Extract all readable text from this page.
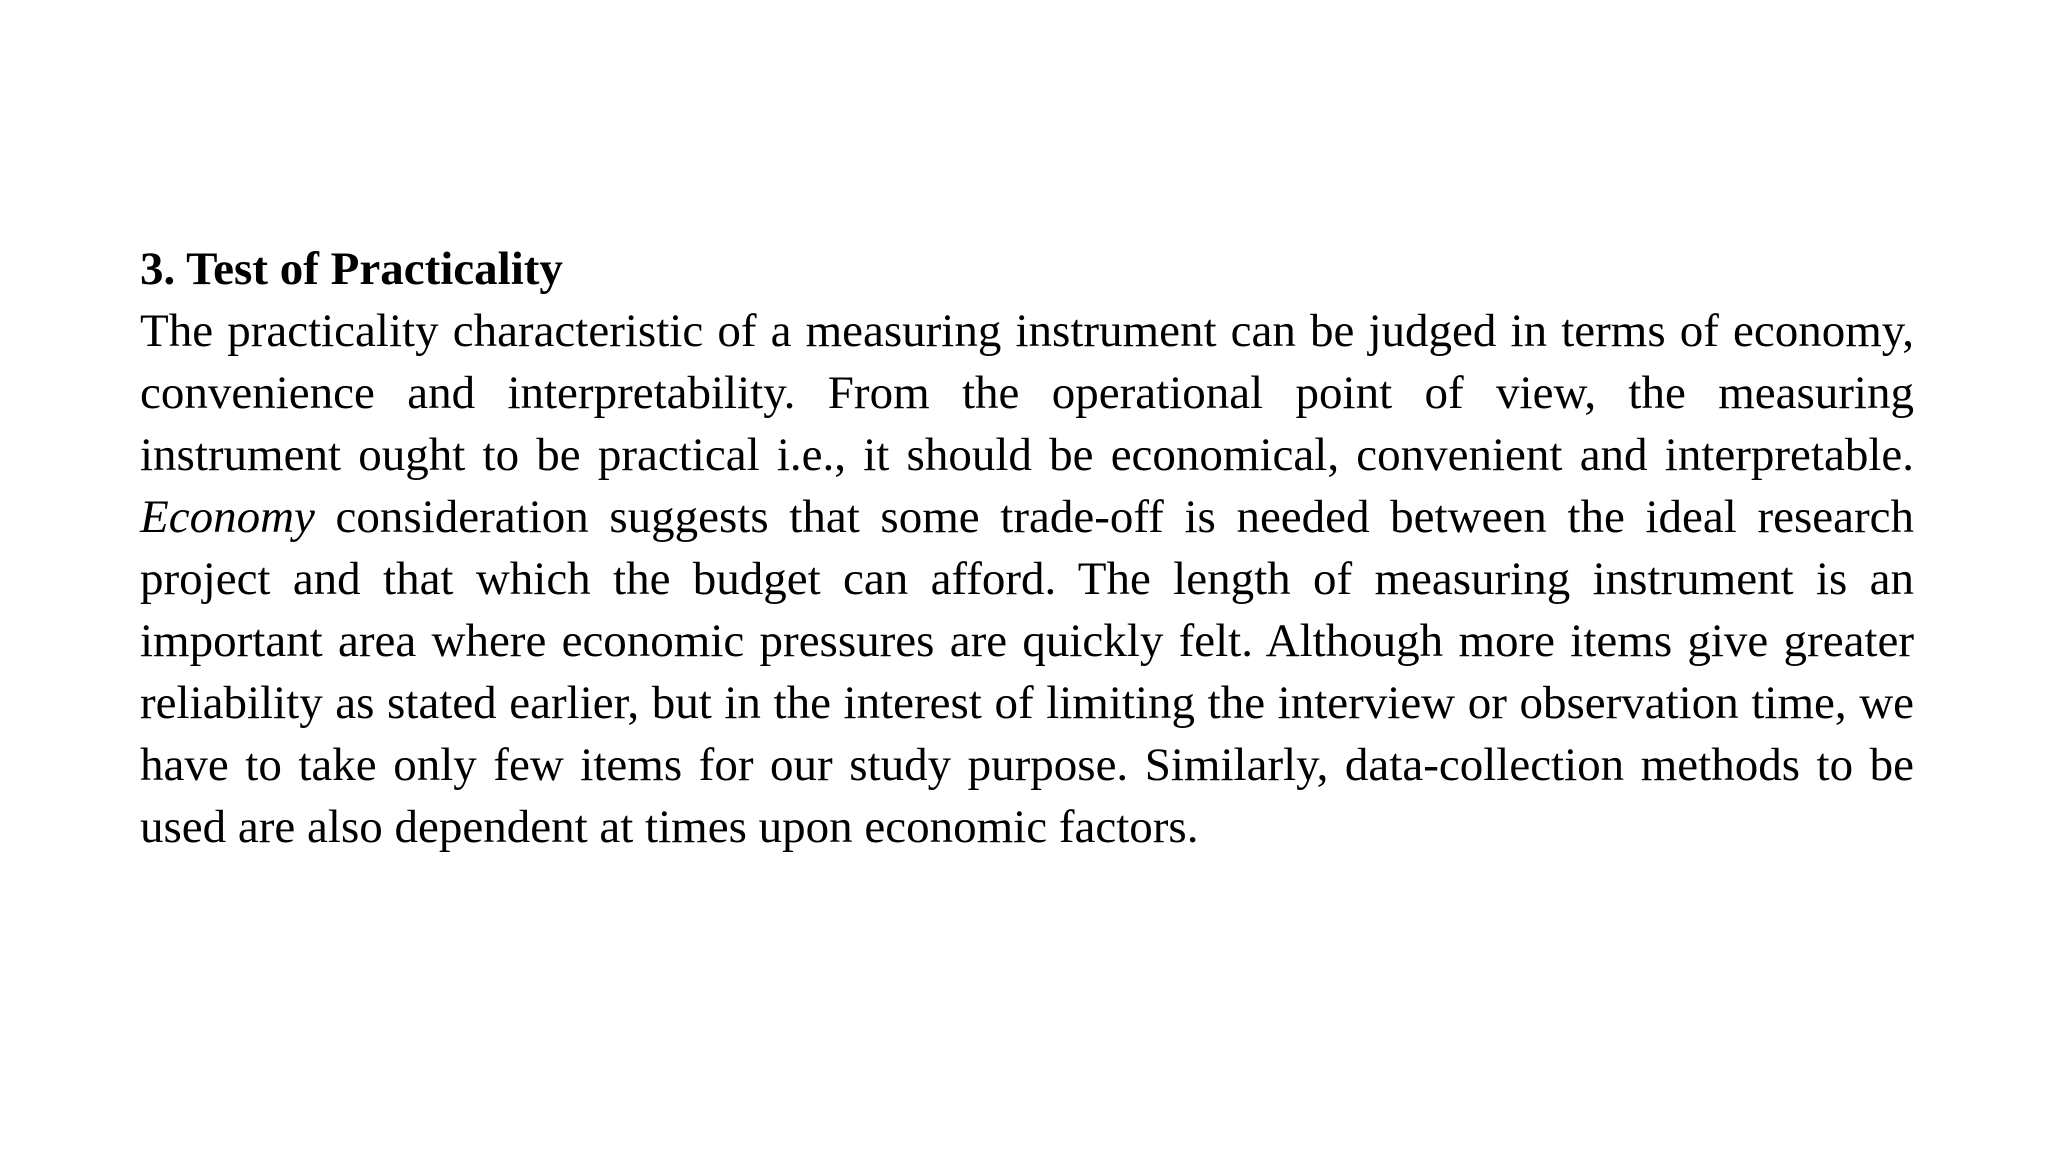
3. Test of Practicality

The practicality characteristic of a measuring instrument can be judged in terms of economy, convenience and interpretability. From the operational point of view, the measuring instrument ought to be practical i.e., it should be economical, convenient and interpretable. Economy consideration suggests that some trade-off is needed between the ideal research project and that which the budget can afford. The length of measuring instrument is an important area where economic pressures are quickly felt. Although more items give greater reliability as stated earlier, but in the interest of limiting the interview or observation time, we have to take only few items for our study purpose. Similarly, data-collection methods to be used are also dependent at times upon economic factors.
